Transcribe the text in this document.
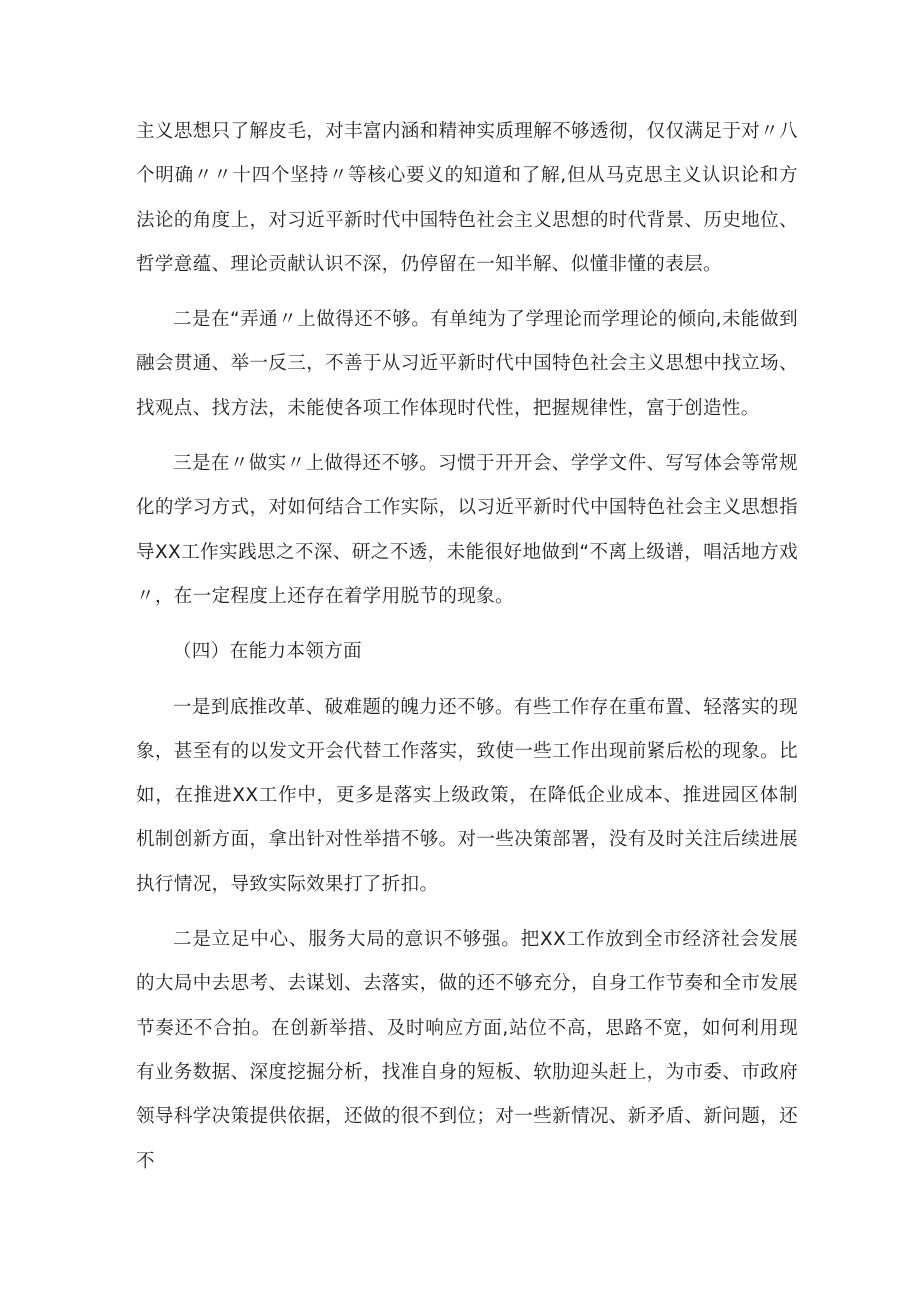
主义思想只了解皮毛，对丰富内涵和精神实质理解不够透彻，仅仅满足于对〃八个明确〃〃十四个坚持〃等核心要义的知道和了解,但从马克思主义认识论和方法论的角度上，对习近平新时代中国特色社会主义思想的时代背景、历史地位、哲学意蕴、理论贡献认识不深，仍停留在一知半解、似懂非懂的表层。

二是在“弄通〃上做得还不够。有单纯为了学理论而学理论的倾向,未能做到融会贯通、举一反三，不善于从习近平新时代中国特色社会主义思想中找立场、找观点、找方法，未能使各项工作体现时代性，把握规律性，富于创造性。

三是在〃做实〃上做得还不够。习惯于开开会、学学文件、写写体会等常规化的学习方式，对如何结合工作实际，以习近平新时代中国特色社会主义思想指导XX工作实践思之不深、研之不透，未能很好地做到“不离上级谱，唱活地方戏〃，在一定程度上还存在着学用脱节的现象。

（四）在能力本领方面

一是到底推改革、破难题的魄力还不够。有些工作存在重布置、轻落实的现象，甚至有的以发文开会代替工作落实，致使一些工作出现前紧后松的现象。比如，在推进XX工作中，更多是落实上级政策，在降低企业成本、推进园区体制机制创新方面，拿出针对性举措不够。对一些决策部署，没有及时关注后续进展执行情况，导致实际效果打了折扣。

二是立足中心、服务大局的意识不够强。把XX工作放到全市经济社会发展的大局中去思考、去谋划、去落实，做的还不够充分，自身工作节奏和全市发展节奏还不合拍。在创新举措、及时响应方面,站位不高，思路不宽，如何利用现有业务数据、深度挖掘分析，找准自身的短板、软肋迎头赶上，为市委、市政府领导科学决策提供依据，还做的很不到位；对一些新情况、新矛盾、新问题，还不
